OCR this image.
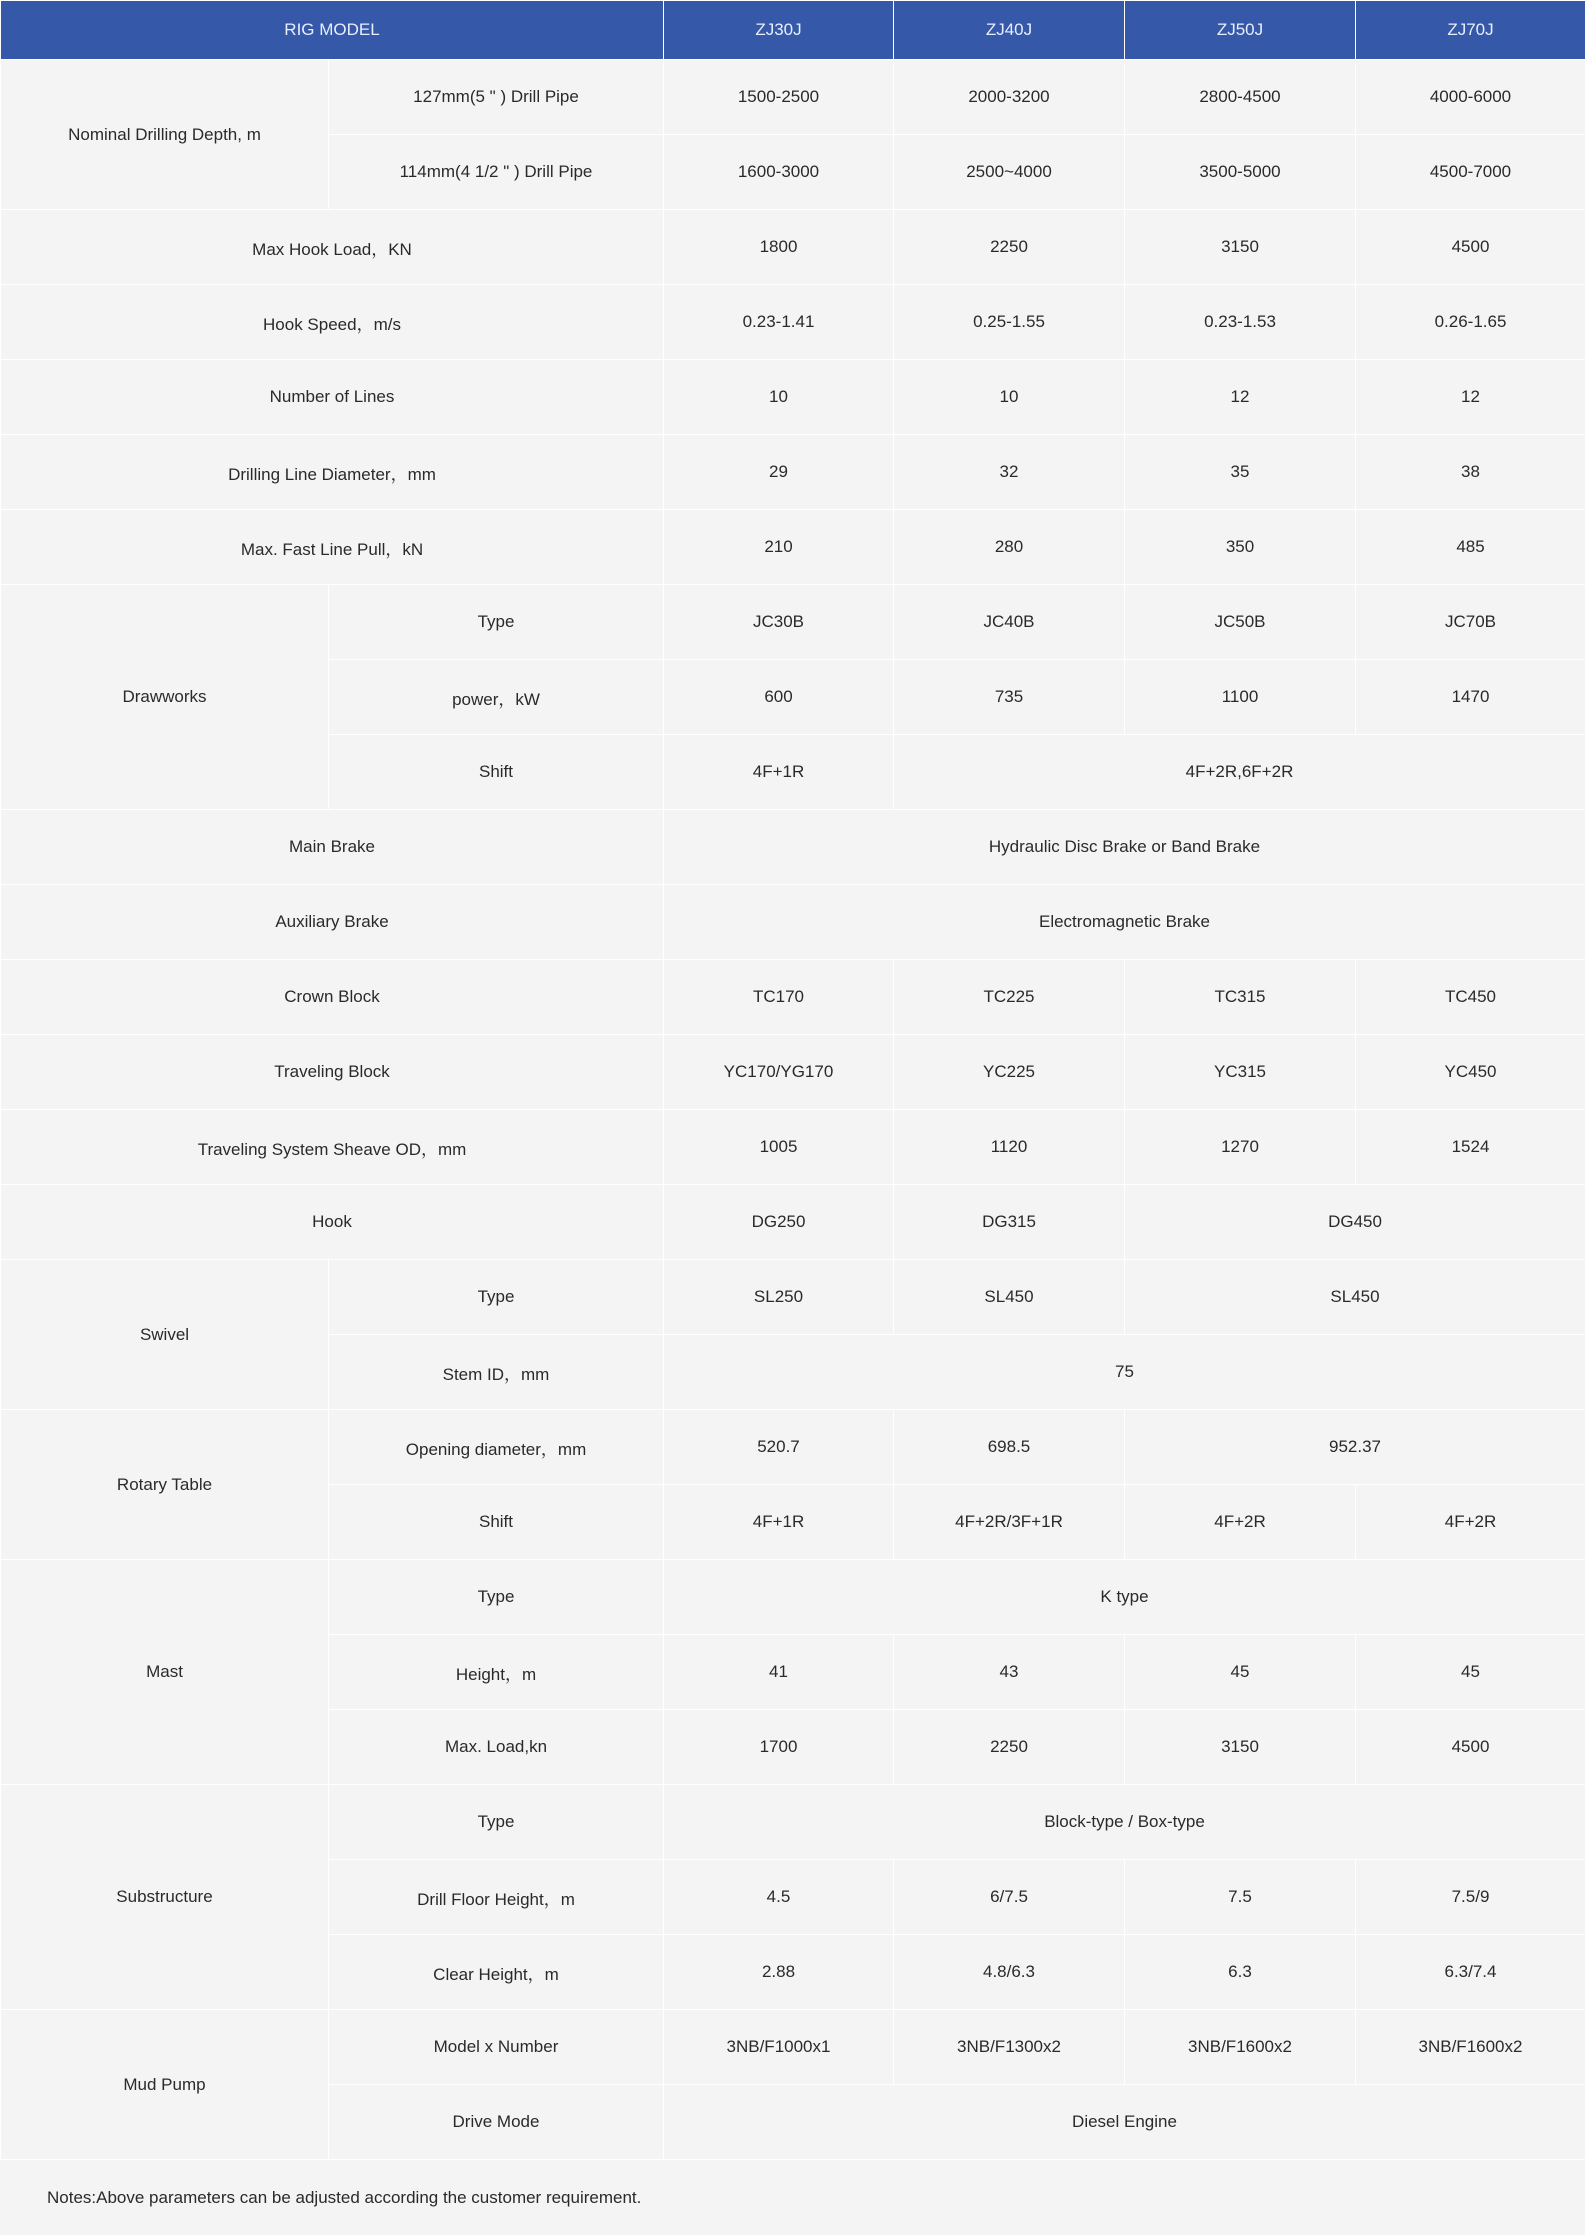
RIG MODEL		ZJ30J	ZJ40J	ZJ50J	ZJ70J
Nominal Drilling Depth, m	127mm(5 " ) Drill Pipe	1500-2500	2000-3200	2800-4500	4000-6000
	114mm(4 1/2 " ) Drill Pipe	1600-3000	2500~4000	3500-5000	4500-7000
Max Hook Load，KN		1800	2250	3150	4500
Hook Speed，m/s		0.23-1.41	0.25-1.55	0.23-1.53	0.26-1.65
Number of Lines		10	10	12	12
Drilling Line Diameter，mm		29	32	35	38
Max. Fast Line Pull，kN		210	280	350	485
Drawworks	Type	JC30B	JC40B	JC50B	JC70B
	power，kW	600	735	1100	1470
	Shift	4F+1R	4F+2R,6F+2R		
Main Brake		Hydraulic Disc Brake or Band Brake			
Auxiliary Brake		Electromagnetic Brake			
Crown Block		TC170	TC225	TC315	TC450
Traveling Block		YC170/YG170	YC225	YC315	YC450
Traveling System Sheave OD，mm		1005	1120	1270	1524
Hook		DG250	DG315	DG450	
Swivel	Type	SL250	SL450	SL450	
	Stem ID，mm	75			
Rotary Table	Opening diameter，mm	520.7	698.5	952.37	
	Shift	4F+1R	4F+2R/3F+1R	4F+2R	4F+2R
Mast	Type	K type			
	Height，m	41	43	45	45
	Max. Load,kn	1700	2250	3150	4500
Substructure	Type	Block-type / Box-type			
	Drill Floor Height，m	4.5	6/7.5	7.5	7.5/9
	Clear Height，m	2.88	4.8/6.3	6.3	6.3/7.4
Mud Pump	Model x Number	3NB/F1000x1	3NB/F1300x2	3NB/F1600x2	3NB/F1600x2
	Drive Mode	Diesel Engine			
Notes:Above parameters can be adjusted according the customer requirement.
